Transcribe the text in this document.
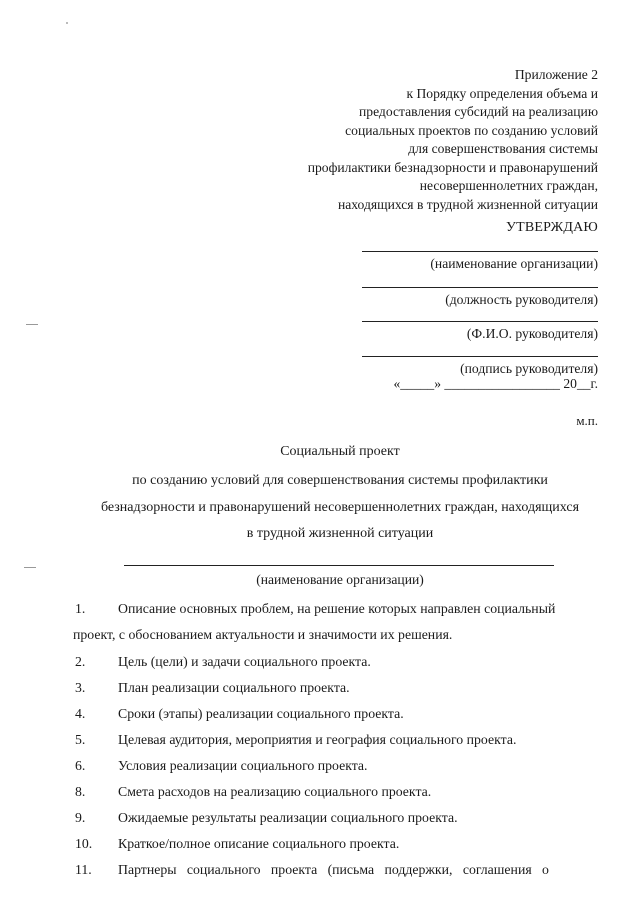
Приложение 2
к Порядку определения объема и
предоставления субсидий на реализацию
социальных проектов по созданию условий
для совершенствования системы
профилактики безнадзорности и правонарушений
несовершеннолетних граждан,
находящихся в трудной жизненной ситуации
УТВЕРЖДАЮ
(наименование организации)
(должность руководителя)
(Ф.И.О. руководителя)
(подпись руководителя)
«_____» _________________ 20__г.
м.п.
Социальный проект
по созданию условий для совершенствования системы профилактики
безнадзорности и правонарушений несовершеннолетних граждан, находящихся
в трудной жизненной ситуации
(наименование организации)
1.	Описание основных проблем, на решение которых направлен социальный
проект, с обоснованием актуальности и значимости их решения.
2.	Цель (цели) и задачи социального проекта.
3.	План реализации социального проекта.
4.	Сроки (этапы) реализации социального проекта.
5.	Целевая аудитория, мероприятия и география социального проекта.
6.	Условия реализации социального проекта.
8.	Смета расходов на реализацию социального проекта.
9.	Ожидаемые результаты реализации социального проекта.
10.	Краткое/полное описание социального проекта.
11.	Партнеры   социального   проекта   (письма   поддержки,   соглашения   о
